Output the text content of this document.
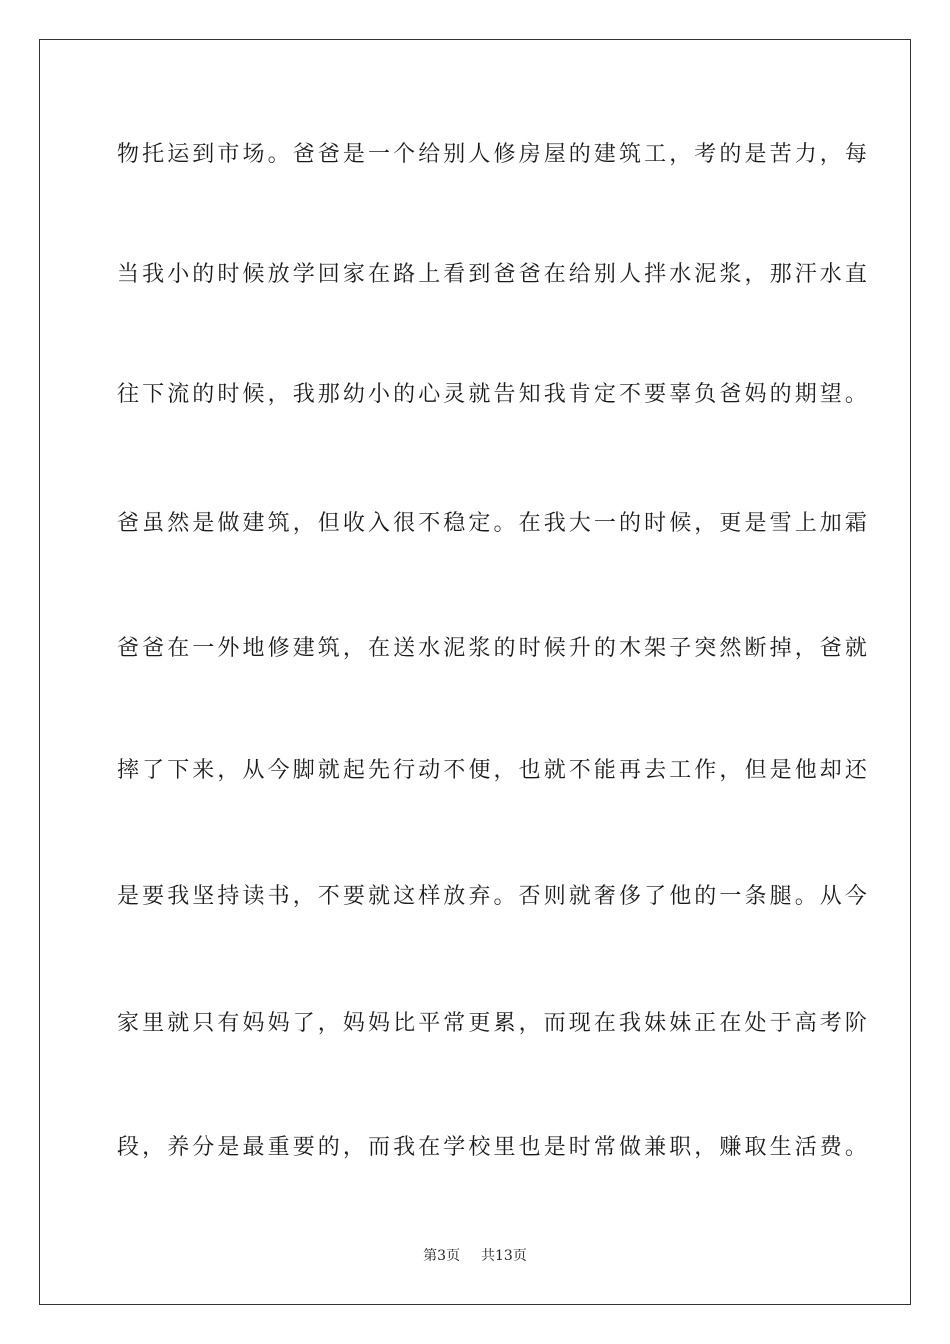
物托运到市场。爸爸是一个给别人修房屋的建筑工，考的是苦力，每
当我小的时候放学回家在路上看到爸爸在给别人拌水泥浆，那汗水直
往下流的时候，我那幼小的心灵就告知我肯定不要辜负爸妈的期望。
爸虽然是做建筑，但收入很不稳定。在我大一的时候，更是雪上加霜
爸爸在一外地修建筑，在送水泥浆的时候升的木架子突然断掉，爸就
摔了下来，从今脚就起先行动不便，也就不能再去工作，但是他却还
是要我坚持读书，不要就这样放弃。否则就奢侈了他的一条腿。从今
家里就只有妈妈了，妈妈比平常更累，而现在我妹妹正在处于高考阶
段，养分是最重要的，而我在学校里也是时常做兼职，赚取生活费。
第3页 共13页
